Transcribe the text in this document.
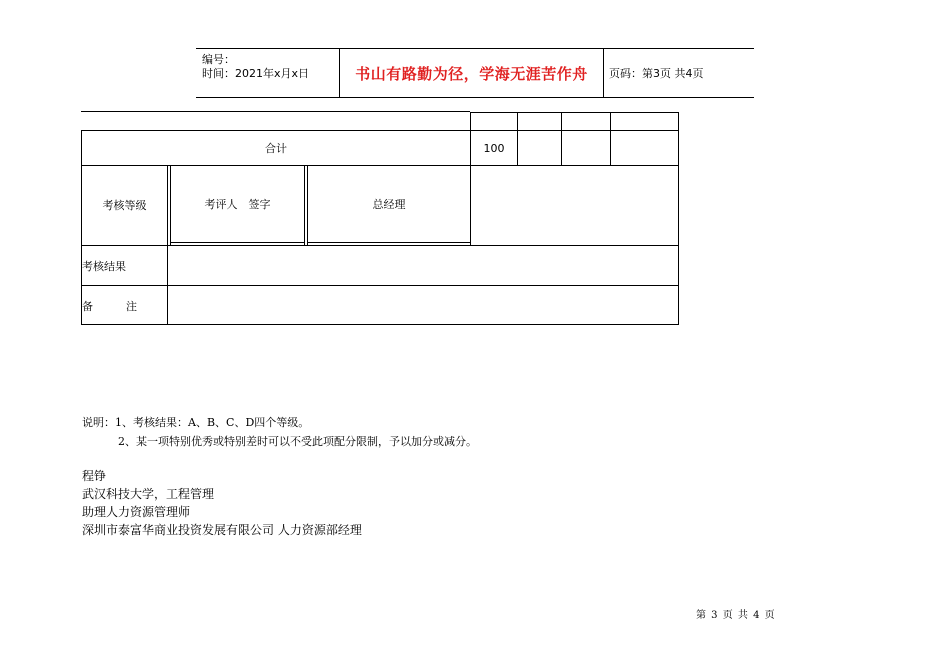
编号：
时间：2021年x月x日	书山有路勤为径，学海无涯苦作舟	页码：第3页 共4页
合计	100
考核等级	考评人　签字	总经理
考核结果
备　　　注
说明：1、考核结果：A、B、C、D四个等级。
2、某一项特别优秀或特别差时可以不受此项配分限制，予以加分或减分。
程铮
武汉科技大学，工程管理
助理人力资源管理师
深圳市泰富华商业投资发展有限公司 人力资源部经理
第 3 页 共 4 页
